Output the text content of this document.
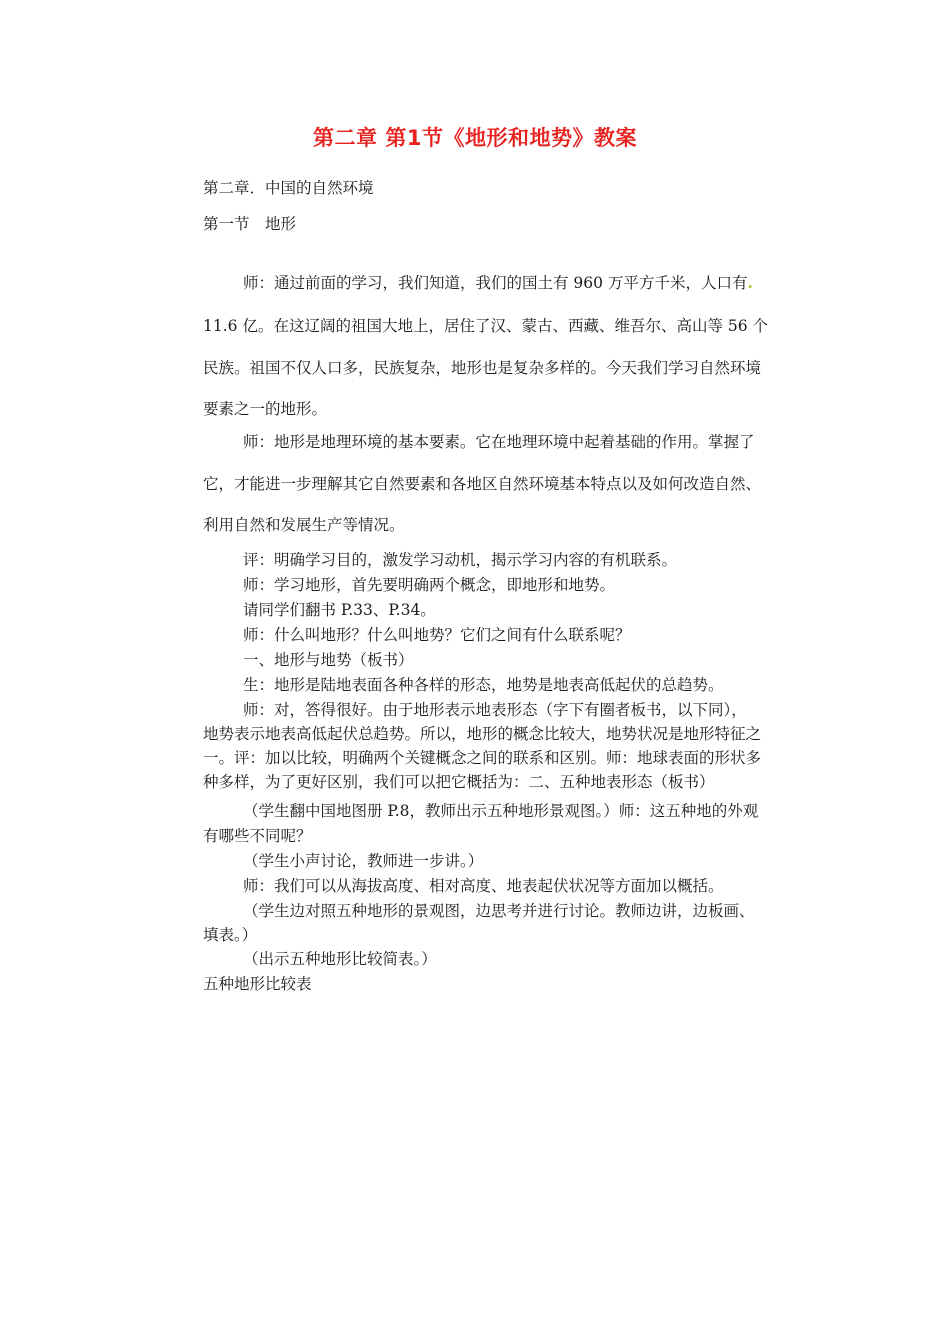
第二章 第1节《地形和地势》教案
第二章．中国的自然环境
第一节　地形
师：通过前面的学习，我们知道，我们的国土有 960 万平方千米，人口有.
11.6 亿。在这辽阔的祖国大地上，居住了汉、蒙古、西藏、维吾尔、高山等 56 个
民族。祖国不仅人口多，民族复杂，地形也是复杂多样的。今天我们学习自然环境
要素之一的地形。
师：地形是地理环境的基本要素。它在地理环境中起着基础的作用。掌握了
它，才能进一步理解其它自然要素和各地区自然环境基本特点以及如何改造自然、
利用自然和发展生产等情况。
评：明确学习目的，激发学习动机，揭示学习内容的有机联系。
师：学习地形，首先要明确两个概念，即地形和地势。
请同学们翻书 P.33、P.34。
师：什么叫地形？什么叫地势？它们之间有什么联系呢？
一、地形与地势（板书）
生：地形是陆地表面各种各样的形态，地势是地表高低起伏的总趋势。
师：对，答得很好。由于地形表示地表形态（字下有圈者板书，以下同），
地势表示地表高低起伏总趋势。所以，地形的概念比较大，地势状况是地形特征之
一。评：加以比较，明确两个关键概念之间的联系和区别。师：地球表面的形状多
种多样，为了更好区别，我们可以把它概括为：二、五种地表形态（板书）
（学生翻中国地图册 P.8，教师出示五种地形景观图。）师：这五种地的外观
有哪些不同呢？
（学生小声讨论，教师进一步讲。）
师：我们可以从海拔高度、相对高度、地表起伏状况等方面加以概括。
（学生边对照五种地形的景观图，边思考并进行讨论。教师边讲，边板画、
填表。）
（出示五种地形比较简表。）
五种地形比较表
